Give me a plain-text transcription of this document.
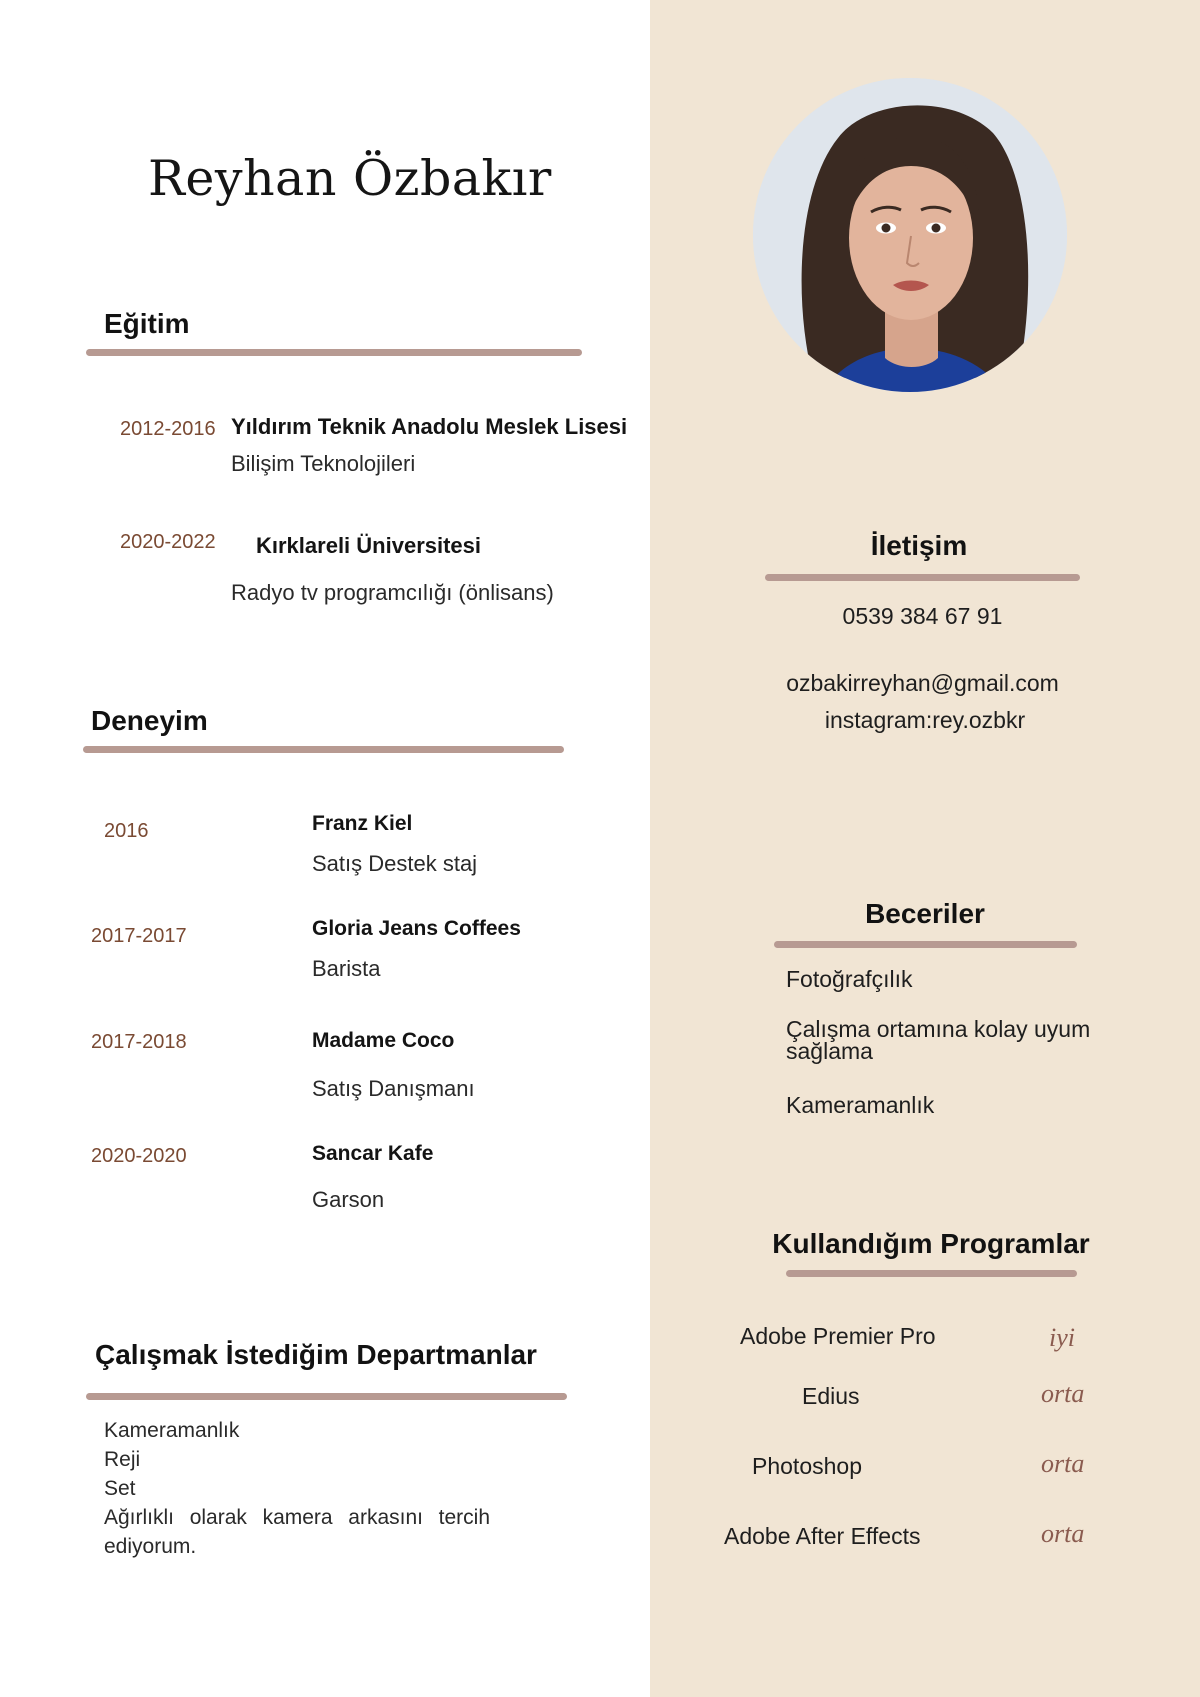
Reyhan Özbakır
Eğitim
2012-2016 Yıldırım Teknik Anadolu Meslek Lisesi
Bilişim Teknolojileri
2020-2022 Kırklareli Üniversitesi
Radyo tv programcılığı (önlisans)
Deneyim
2016	Franz Kiel
Satış Destek staj
2017-2017	Gloria Jeans Coffees
Barista
2017-2018	Madame Coco
Satış Danışmanı
2020-2020	Sancar Kafe
Garson
Çalışmak İstediğim Departmanlar
Kameramanlık
Reji
Set
Ağırlıklı olarak kamera arkasını tercih ediyorum.
İletişim
0539 384 67 91
ozbakirreyhan@gmail.com
instagram:rey.ozbkr
Beceriler
Fotoğrafçılık
Çalışma ortamına kolay uyum sağlama
Kameramanlık
Kullandığım Programlar
Adobe Premier Pro	iyi
Edius	orta
Photoshop	orta
Adobe After Effects	orta
